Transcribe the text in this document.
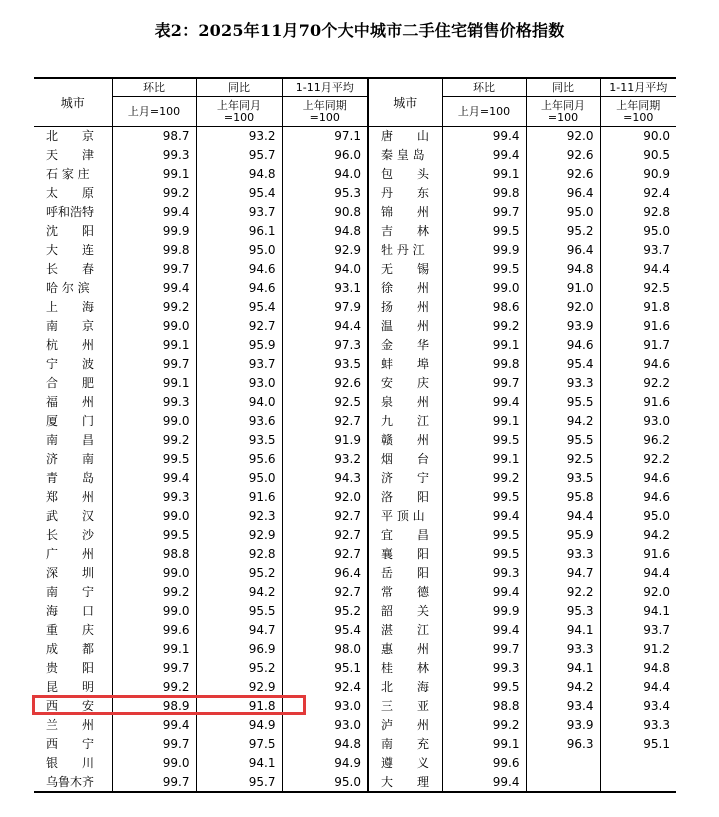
表2：2025年11月70个大中城市二手住宅销售价格指数
城市	环比	同比	1-11月平均	城市	环比	同比	1-11月平均
	上月=100	上年同月=100	上年同期=100		上月=100	上年同月=100	上年同期=100
北　　京	98.7	93.2	97.1	唐　　山	99.4	92.0	90.0
天　　津	99.3	95.7	96.0	秦 皇 岛	99.4	92.6	90.5
石 家 庄	99.1	94.8	94.0	包　　头	99.1	92.6	90.9
太　　原	99.2	95.4	95.3	丹　　东	99.8	96.4	92.4
呼和浩特	99.4	93.7	90.8	锦　　州	99.7	95.0	92.8
沈　　阳	99.9	96.1	94.8	吉　　林	99.5	95.2	95.0
大　　连	99.8	95.0	92.9	牡 丹 江	99.9	96.4	93.7
长　　春	99.7	94.6	94.0	无　　锡	99.5	94.8	94.4
哈 尔 滨	99.4	94.6	93.1	徐　　州	99.0	91.0	92.5
上　　海	99.2	95.4	97.9	扬　　州	98.6	92.0	91.8
南　　京	99.0	92.7	94.4	温　　州	99.2	93.9	91.6
杭　　州	99.1	95.9	97.3	金　　华	99.1	94.6	91.7
宁　　波	99.7	93.7	93.5	蚌　　埠	99.8	95.4	94.6
合　　肥	99.1	93.0	92.6	安　　庆	99.7	93.3	92.2
福　　州	99.3	94.0	92.5	泉　　州	99.4	95.5	91.6
厦　　门	99.0	93.6	92.7	九　　江	99.1	94.2	93.0
南　　昌	99.2	93.5	91.9	赣　　州	99.5	95.5	96.2
济　　南	99.5	95.6	93.2	烟　　台	99.1	92.5	92.2
青　　岛	99.4	95.0	94.3	济　　宁	99.2	93.5	94.6
郑　　州	99.3	91.6	92.0	洛　　阳	99.5	95.8	94.6
武　　汉	99.0	92.3	92.7	平 顶 山	99.4	94.4	95.0
长　　沙	99.5	92.9	92.7	宜　　昌	99.5	95.9	94.2
广　　州	98.8	92.8	92.7	襄　　阳	99.5	93.3	91.6
深　　圳	99.0	95.2	96.4	岳　　阳	99.3	94.7	94.4
南　　宁	99.2	94.2	92.7	常　　德	99.4	92.2	92.0
海　　口	99.0	95.5	95.2	韶　　关	99.9	95.3	94.1
重　　庆	99.6	94.7	95.4	湛　　江	99.4	94.1	93.7
成　　都	99.1	96.9	98.0	惠　　州	99.7	93.3	91.2
贵　　阳	99.7	95.2	95.1	桂　　林	99.3	94.1	94.8
昆　　明	99.2	92.9	92.4	北　　海	99.5	94.2	94.4
西　　安	98.9	91.8	93.0	三　　亚	98.8	93.4	93.4
兰　　州	99.4	94.9	93.0	泸　　州	99.2	93.9	93.3
西　　宁	99.7	97.5	94.8	南　　充	99.1	96.3	95.1
银　　川	99.0	94.1	94.9	遵　　义	99.6		
乌鲁木齐	99.7	95.7	95.0	大　　理	99.4		
